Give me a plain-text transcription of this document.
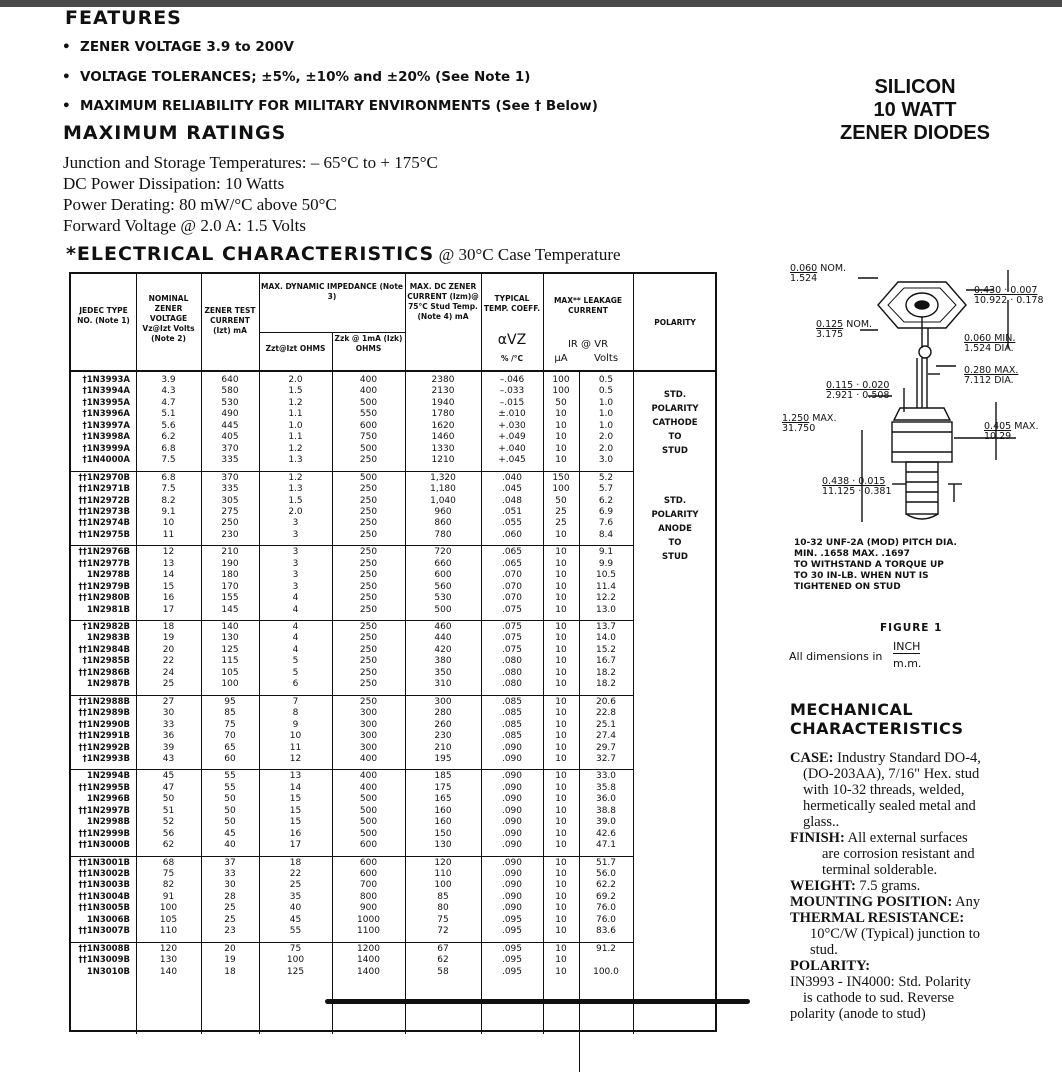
FEATURES
•  ZENER VOLTAGE 3.9 to 200V
•  VOLTAGE TOLERANCES; ±5%, ±10% and ±20% (See Note 1)
•  MAXIMUM RELIABILITY FOR MILITARY ENVIRONMENTS (See † Below)
MAXIMUM RATINGS
Junction and Storage Temperatures: – 65°C to + 175°C
DC Power Dissipation: 10 Watts
Power Derating: 80 mW/°C above 50°C
Forward Voltage @ 2.0 A: 1.5 Volts
SILICON
10 WATT
ZENER DIODES
*ELECTRICAL CHARACTERISTICS @ 30°C Case Temperature
JEDEC TYPE NO. (Note 1)
NOMINAL ZENER VOLTAGE Vz@Izt Volts (Note 2)
ZENER TEST CURRENT (Izt) mA
MAX. DYNAMIC IMPEDANCE (Note 3)
Zzt@Izt OHMS
Zzk @ 1mA (Izk) OHMS
MAX. DC ZENER CURRENT (Izm)@ 75°C Stud Temp. (Note 4) mA
TYPICAL TEMP. COEFF.
αVZ
% /°C
MAX** LEAKAGE CURRENT
IR @ VR
µA	Volts
POLARITY
†1N3993A	3.9	640	2.0	400	2380	–.046	100	0.5
†1N3994A	4.3	580	1.5	400	2130	–.033	100	0.5
†1N3995A	4.7	530	1.2	500	1940	–.015	50	1.0
†1N3996A	5.1	490	1.1	550	1780	±.010	10	1.0
†1N3997A	5.6	445	1.0	600	1620	+.030	10	1.0
†1N3998A	6.2	405	1.1	750	1460	+.049	10	2.0
†1N3999A	6.8	370	1.2	500	1330	+.040	10	2.0
†1N4000A	7.5	335	1.3	250	1210	+.045	10	3.0
††1N2970B	6.8	370	1.2	500	1,320	.040	150	5.2
††1N2971B	7.5	335	1.3	250	1,180	.045	100	5.7
††1N2972B	8.2	305	1.5	250	1,040	.048	50	6.2
††1N2973B	9.1	275	2.0	250	960	.051	25	6.9
††1N2974B	10	250	3	250	860	.055	25	7.6
††1N2975B	11	230	3	250	780	.060	10	8.4
††1N2976B	12	210	3	250	720	.065	10	9.1
††1N2977B	13	190	3	250	660	.065	10	9.9
1N2978B	14	180	3	250	600	.070	10	10.5
††1N2979B	15	170	3	250	560	.070	10	11.4
††1N2980B	16	155	4	250	530	.070	10	12.2
1N2981B	17	145	4	250	500	.075	10	13.0
†1N2982B	18	140	4	250	460	.075	10	13.7
1N2983B	19	130	4	250	440	.075	10	14.0
††1N2984B	20	125	4	250	420	.075	10	15.2
†1N2985B	22	115	5	250	380	.080	10	16.7
††1N2986B	24	105	5	250	350	.080	10	18.2
1N2987B	25	100	6	250	310	.080	10	18.2
††1N2988B	27	95	7	250	300	.085	10	20.6
††1N2989B	30	85	8	300	280	.085	10	22.8
††1N2990B	33	75	9	300	260	.085	10	25.1
††1N2991B	36	70	10	300	230	.085	10	27.4
††1N2992B	39	65	11	300	210	.090	10	29.7
†1N2993B	43	60	12	400	195	.090	10	32.7
1N2994B	45	55	13	400	185	.090	10	33.0
††1N2995B	47	55	14	400	175	.090	10	35.8
1N2996B	50	50	15	500	165	.090	10	36.0
††1N2997B	51	50	15	500	160	.090	10	38.8
1N2998B	52	50	15	500	160	.090	10	39.0
††1N2999B	56	45	16	500	150	.090	10	42.6
††1N3000B	62	40	17	600	130	.090	10	47.1
††1N3001B	68	37	18	600	120	.090	10	51.7
††1N3002B	75	33	22	600	110	.090	10	56.0
††1N3003B	82	30	25	700	100	.090	10	62.2
††1N3004B	91	28	35	800	85	.090	10	69.2
††1N3005B	100	25	40	900	80	.090	10	76.0
1N3006B	105	25	45	1000	75	.095	10	76.0
††1N3007B	110	23	55	1100	72	.095	10	83.6
††1N3008B	120	20	75	1200	67	.095	10	91.2
††1N3009B	130	19	100	1400	62	.095	10
1N3010B	140	18	125	1400	58	.095	10	100.0
STD.
POLARITY
CATHODE
TO
STUD
STD.
POLARITY
ANODE
TO
STUD
0.060 NOM.
1.524
0.430 · 0.007
10.922 · 0.178
0.125 NOM.
3.175	0.060 MIN.
1.524 DIA.
0.280 MAX.
7.112 DIA.
0.115 · 0.020
2.921 · 0.508
1.250 MAX.
31.750	0.405 MAX.
10.29
0.438 · 0.015
11.125 · 0.381
10-32 UNF-2A (MOD) PITCH DIA.
MIN. .1658 MAX. .1697
TO WITHSTAND A TORQUE UP
TO 30 IN-LB. WHEN NUT IS
TIGHTENED ON STUD
FIGURE 1
All dimensions in
INCH
m.m.
MECHANICAL
CHARACTERISTICS

CASE: Industry Standard DO-4,

(DO-203AA), 7/16" Hex. stud

with 10-32 threads, welded,

hermetically sealed metal and

glass..

FINISH: All external surfaces

are corrosion resistant and

terminal solderable.

WEIGHT: 7.5 grams.

MOUNTING POSITION: Any

THERMAL RESISTANCE:

10°C/W (Typical) junction to

stud.

POLARITY:

IN3993 - IN4000: Std. Polarity

is cathode to sud. Reverse

polarity (anode to stud)
